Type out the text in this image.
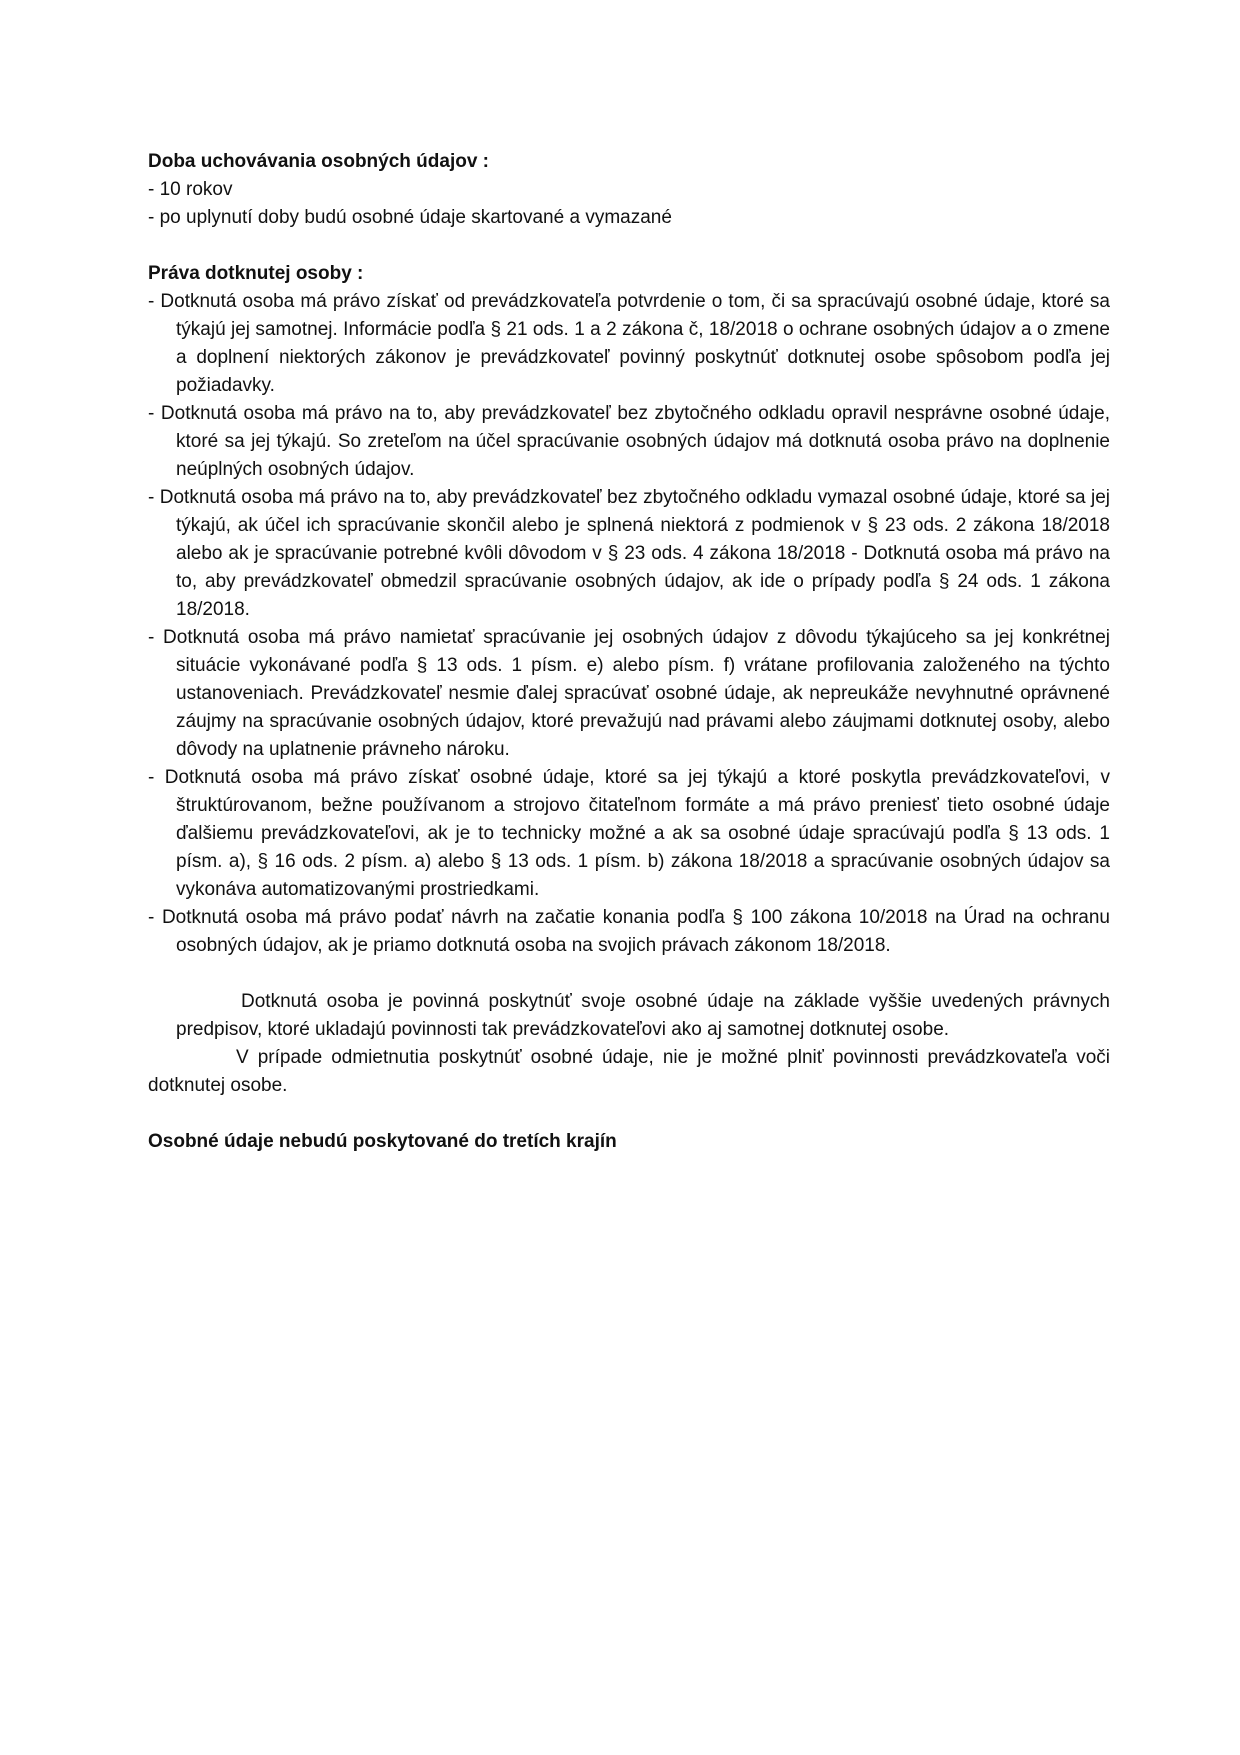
Doba uchovávania osobných údajov :

- 10 rokov

- po uplynutí doby budú osobné údaje skartované a vymazané

Práva dotknutej osoby :

- Dotknutá osoba má právo získať od prevádzkovateľa potvrdenie o tom, či sa spracúvajú osobné údaje, ktoré sa týkajú jej samotnej. Informácie podľa § 21 ods. 1 a 2 zákona č, 18/2018 o ochrane osobných údajov a o zmene a doplnení niektorých zákonov je prevádzkovateľ povinný poskytnúť dotknutej osobe spôsobom podľa jej požiadavky.

- Dotknutá osoba má právo na to, aby prevádzkovateľ bez zbytočného odkladu opravil nesprávne osobné údaje, ktoré sa jej týkajú. So zreteľom na účel spracúvanie osobných údajov má dotknutá osoba právo na doplnenie neúplných osobných údajov.

- Dotknutá osoba má právo na to, aby prevádzkovateľ bez zbytočného odkladu vymazal osobné údaje, ktoré sa jej týkajú, ak účel ich spracúvanie skončil alebo je splnená niektorá z podmienok v § 23 ods. 2 zákona 18/2018 alebo ak je spracúvanie potrebné kvôli dôvodom v § 23 ods. 4 zákona 18/2018 - Dotknutá osoba má právo na to, aby prevádzkovateľ obmedzil spracúvanie osobných údajov, ak ide o prípady podľa § 24 ods. 1 zákona 18/2018.

- Dotknutá osoba má právo namietať spracúvanie jej osobných údajov z dôvodu týkajúceho sa jej konkrétnej situácie vykonávané podľa § 13 ods. 1 písm. e) alebo písm. f) vrátane profilovania založeného na týchto ustanoveniach. Prevádzkovateľ nesmie ďalej spracúvať osobné údaje, ak nepreukáže nevyhnutné oprávnené záujmy na spracúvanie osobných údajov, ktoré prevažujú nad právami alebo záujmami dotknutej osoby, alebo dôvody na uplatnenie právneho nároku.

- Dotknutá osoba má právo získať osobné údaje, ktoré sa jej týkajú a ktoré poskytla prevádzkovateľovi, v štruktúrovanom, bežne používanom a strojovo čitateľnom formáte a má právo preniesť tieto osobné údaje ďalšiemu prevádzkovateľovi, ak je to technicky možné a ak sa osobné údaje spracúvajú podľa § 13 ods. 1 písm. a), § 16 ods. 2 písm. a) alebo § 13 ods. 1 písm. b) zákona 18/2018 a spracúvanie osobných údajov sa vykonáva automatizovanými prostriedkami.

- Dotknutá osoba má právo podať návrh na začatie konania podľa § 100 zákona 10/2018 na Úrad na ochranu osobných údajov, ak je priamo dotknutá osoba na svojich právach zákonom 18/2018.

Dotknutá osoba je povinná poskytnúť svoje osobné údaje na základe vyššie uvedených právnych predpisov, ktoré ukladajú povinnosti tak prevádzkovateľovi ako aj samotnej dotknutej osobe.

V prípade odmietnutia poskytnúť osobné údaje, nie je možné plniť povinnosti prevádzkovateľa voči dotknutej osobe.

Osobné údaje nebudú poskytované do tretích krajín
